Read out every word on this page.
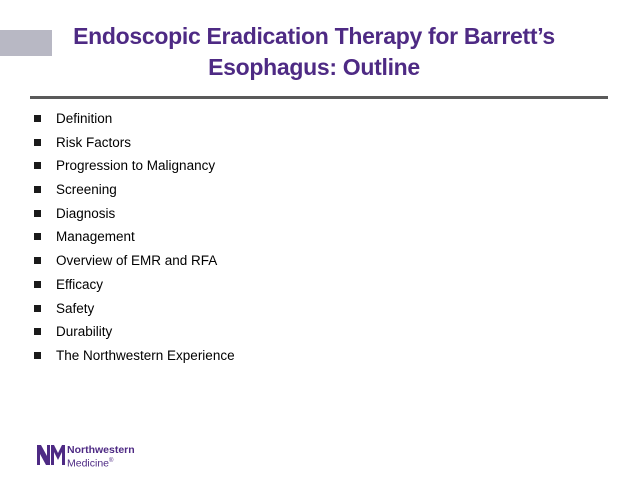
Endoscopic Eradication Therapy for Barrett’s
Esophagus: Outline
Definition
Risk Factors
Progression to Malignancy
Screening
Diagnosis
Management
Overview of EMR and RFA
Efficacy
Safety
Durability
The Northwestern Experience
Northwestern
Medicine®
